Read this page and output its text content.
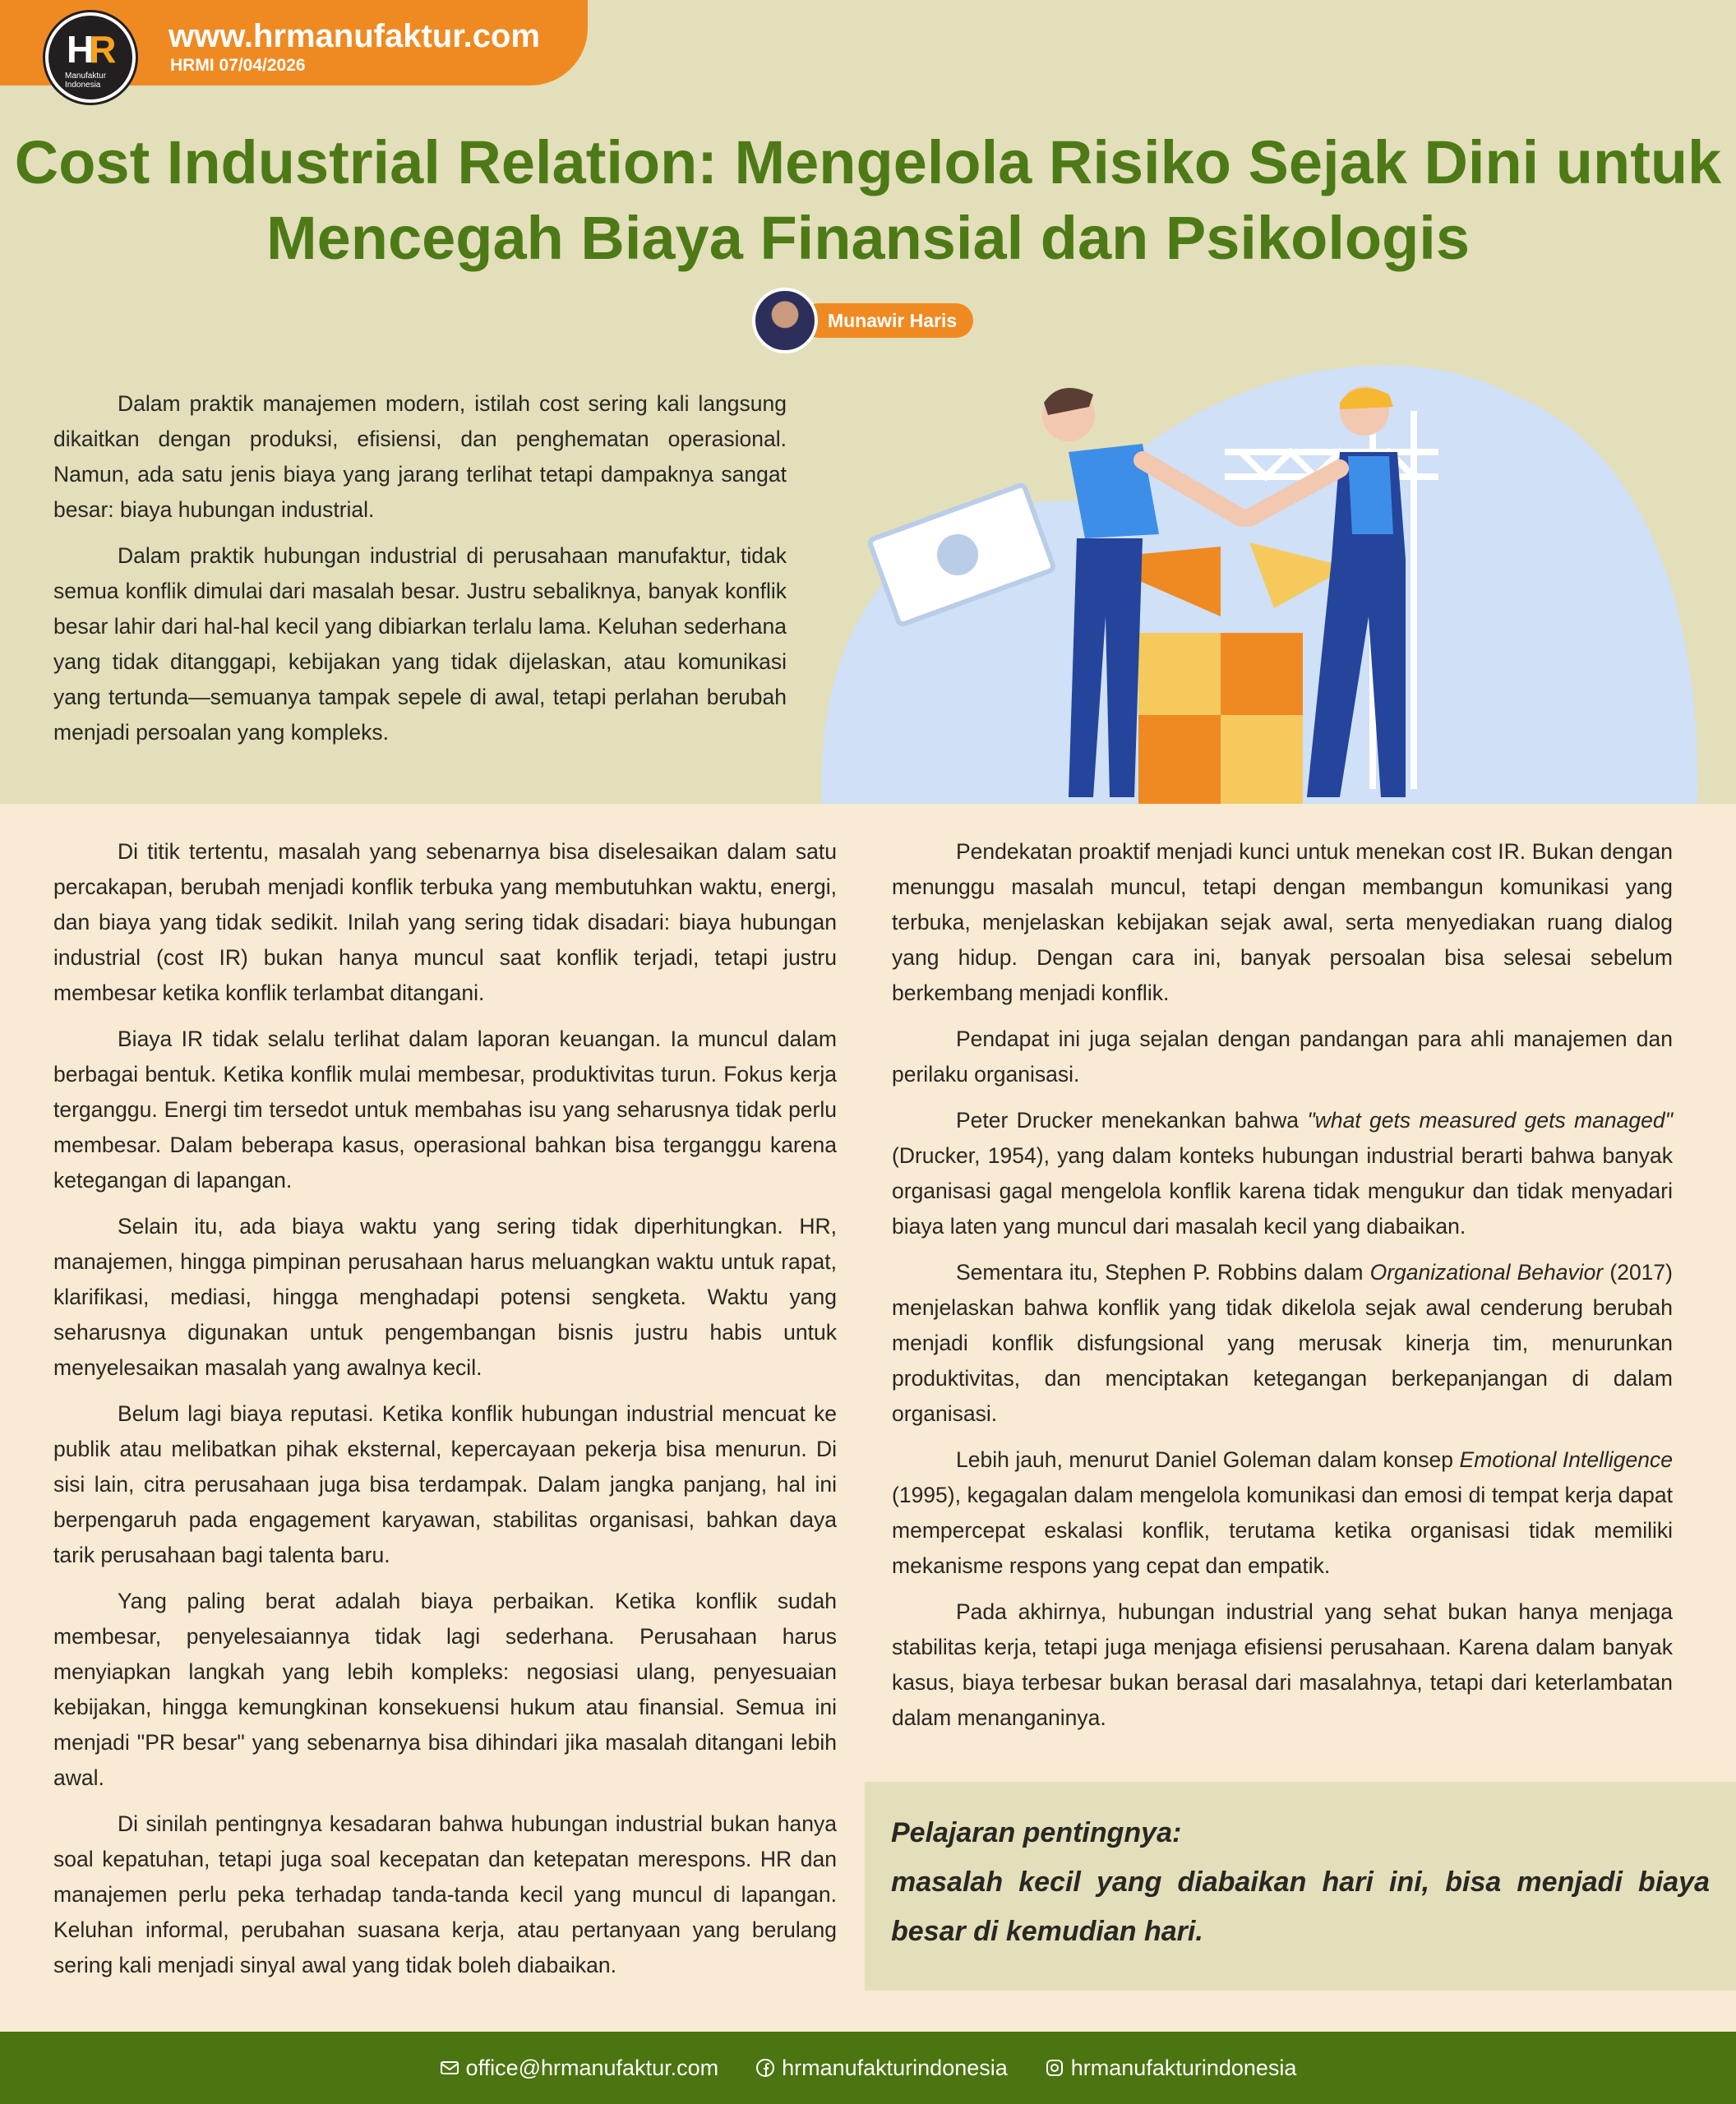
www.hrmanufaktur.com
HRMI 07/04/2026
HR
Manufaktur
Indonesia
Cost Industrial Relation: Mengelola Risiko Sejak Dini untuk Mencegah Biaya Finansial dan Psikologis
Munawir Haris

Dalam praktik manajemen modern, istilah cost sering kali langsung dikaitkan dengan produksi, efisiensi, dan penghematan operasional. Namun, ada satu jenis biaya yang jarang terlihat tetapi dampaknya sangat besar: biaya hubungan industrial.

Dalam praktik hubungan industrial di perusahaan manufaktur, tidak semua konflik dimulai dari masalah besar. Justru sebaliknya, banyak konflik besar lahir dari hal-hal kecil yang dibiarkan terlalu lama. Keluhan sederhana yang tidak ditanggapi, kebijakan yang tidak dijelaskan, atau komunikasi yang tertunda—semuanya tampak sepele di awal, tetapi perlahan berubah menjadi persoalan yang kompleks.

Di titik tertentu, masalah yang sebenarnya bisa diselesaikan dalam satu percakapan, berubah menjadi konflik terbuka yang membutuhkan waktu, energi, dan biaya yang tidak sedikit. Inilah yang sering tidak disadari: biaya hubungan industrial (cost IR) bukan hanya muncul saat konflik terjadi, tetapi justru membesar ketika konflik terlambat ditangani.

Biaya IR tidak selalu terlihat dalam laporan keuangan. Ia muncul dalam berbagai bentuk. Ketika konflik mulai membesar, produktivitas turun. Fokus kerja terganggu. Energi tim tersedot untuk membahas isu yang seharusnya tidak perlu membesar. Dalam beberapa kasus, operasional bahkan bisa terganggu karena ketegangan di lapangan.

Selain itu, ada biaya waktu yang sering tidak diperhitungkan. HR, manajemen, hingga pimpinan perusahaan harus meluangkan waktu untuk rapat, klarifikasi, mediasi, hingga menghadapi potensi sengketa. Waktu yang seharusnya digunakan untuk pengembangan bisnis justru habis untuk menyelesaikan masalah yang awalnya kecil.

Belum lagi biaya reputasi. Ketika konflik hubungan industrial mencuat ke publik atau melibatkan pihak eksternal, kepercayaan pekerja bisa menurun. Di sisi lain, citra perusahaan juga bisa terdampak. Dalam jangka panjang, hal ini berpengaruh pada engagement karyawan, stabilitas organisasi, bahkan daya tarik perusahaan bagi talenta baru.

Yang paling berat adalah biaya perbaikan. Ketika konflik sudah membesar, penyelesaiannya tidak lagi sederhana. Perusahaan harus menyiapkan langkah yang lebih kompleks: negosiasi ulang, penyesuaian kebijakan, hingga kemungkinan konsekuensi hukum atau finansial. Semua ini menjadi "PR besar" yang sebenarnya bisa dihindari jika masalah ditangani lebih awal.

Di sinilah pentingnya kesadaran bahwa hubungan industrial bukan hanya soal kepatuhan, tetapi juga soal kecepatan dan ketepatan merespons. HR dan manajemen perlu peka terhadap tanda-tanda kecil yang muncul di lapangan. Keluhan informal, perubahan suasana kerja, atau pertanyaan yang berulang sering kali menjadi sinyal awal yang tidak boleh diabaikan.

Pendekatan proaktif menjadi kunci untuk menekan cost IR. Bukan dengan menunggu masalah muncul, tetapi dengan membangun komunikasi yang terbuka, menjelaskan kebijakan sejak awal, serta menyediakan ruang dialog yang hidup. Dengan cara ini, banyak persoalan bisa selesai sebelum berkembang menjadi konflik.

Pendapat ini juga sejalan dengan pandangan para ahli manajemen dan perilaku organisasi.

Peter Drucker menekankan bahwa "what gets measured gets managed" (Drucker, 1954), yang dalam konteks hubungan industrial berarti bahwa banyak organisasi gagal mengelola konflik karena tidak mengukur dan tidak menyadari biaya laten yang muncul dari masalah kecil yang diabaikan.

Sementara itu, Stephen P. Robbins dalam Organizational Behavior (2017) menjelaskan bahwa konflik yang tidak dikelola sejak awal cenderung berubah menjadi konflik disfungsional yang merusak kinerja tim, menurunkan produktivitas, dan menciptakan ketegangan berkepanjangan di dalam organisasi.

Lebih jauh, menurut Daniel Goleman dalam konsep Emotional Intelligence (1995), kegagalan dalam mengelola komunikasi dan emosi di tempat kerja dapat mempercepat eskalasi konflik, terutama ketika organisasi tidak memiliki mekanisme respons yang cepat dan empatik.

Pada akhirnya, hubungan industrial yang sehat bukan hanya menjaga stabilitas kerja, tetapi juga menjaga efisiensi perusahaan. Karena dalam banyak kasus, biaya terbesar bukan berasal dari masalahnya, tetapi dari keterlambatan dalam menanganinya.

Pelajaran pentingnya:
masalah kecil yang diabaikan hari ini, bisa menjadi biaya besar di kemudian hari.
office@hrmanufaktur.com	hrmanufakturindonesia	hrmanufakturindonesia
